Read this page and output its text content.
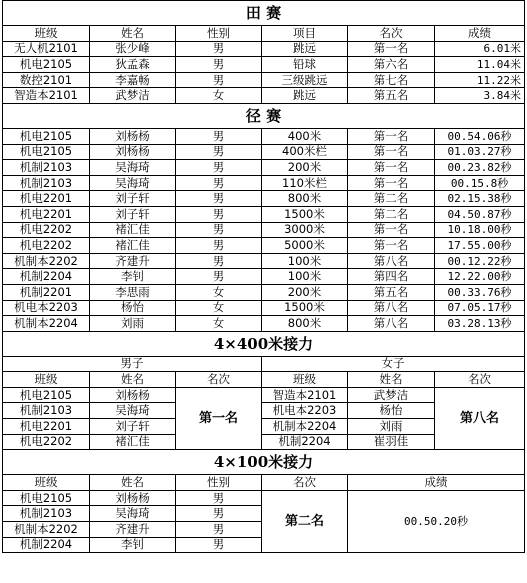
田 赛					
班级	姓名	性别	项目	名次	成绩
无人机2101	张少峰	男	跳远	第一名	6.01米
机电2105	狄孟森	男	铅球	第六名	11.04米
数控2101	李嘉畅	男	三级跳远	第七名	11.22米
智造本2101	武梦洁	女	跳远	第五名	3.84米
径 赛					
机电2105	刘杨杨	男	400米	第一名	00.54.06秒
机电2105	刘杨杨	男	400米栏	第一名	01.03.27秒
机制2103	吴海琦	男	200米	第一名	00.23.82秒
机制2103	吴海琦	男	110米栏	第一名	00.15.8秒
机电2201	刘子轩	男	800米	第二名	02.15.38秒
机电2201	刘子轩	男	1500米	第二名	04.50.87秒
机电2202	褚汇佳	男	3000米	第一名	10.18.00秒
机电2202	褚汇佳	男	5000米	第一名	17.55.00秒
机制本2202	齐建升	男	100米	第八名	00.12.22秒
机制2204	李钊	男	100米	第四名	12.22.00秒
机制2201	李思雨	女	200米	第五名	00.33.76秒
机电本2203	杨怡	女	1500米	第八名	07.05.17秒
机制本2204	刘雨	女	800米	第八名	03.28.13秒
4×400米接力					
男子			女子		
班级	姓名	名次	班级	姓名	名次
机电2105	刘杨杨	第一名	智造本2101	武梦洁	第八名
机制2103	吴海琦		机电本2203	杨怡	
机电2201	刘子轩		机制本2204	刘雨	
机电2202	褚汇佳		机制2204	崔羽佳	
4×100米接力					
班级	姓名	性别	名次	成绩	
机电2105	刘杨杨	男	第二名	00.50.20秒	
机制2103	吴海琦	男			
机制本2202	齐建升	男			
机制2204	李钊	男			
